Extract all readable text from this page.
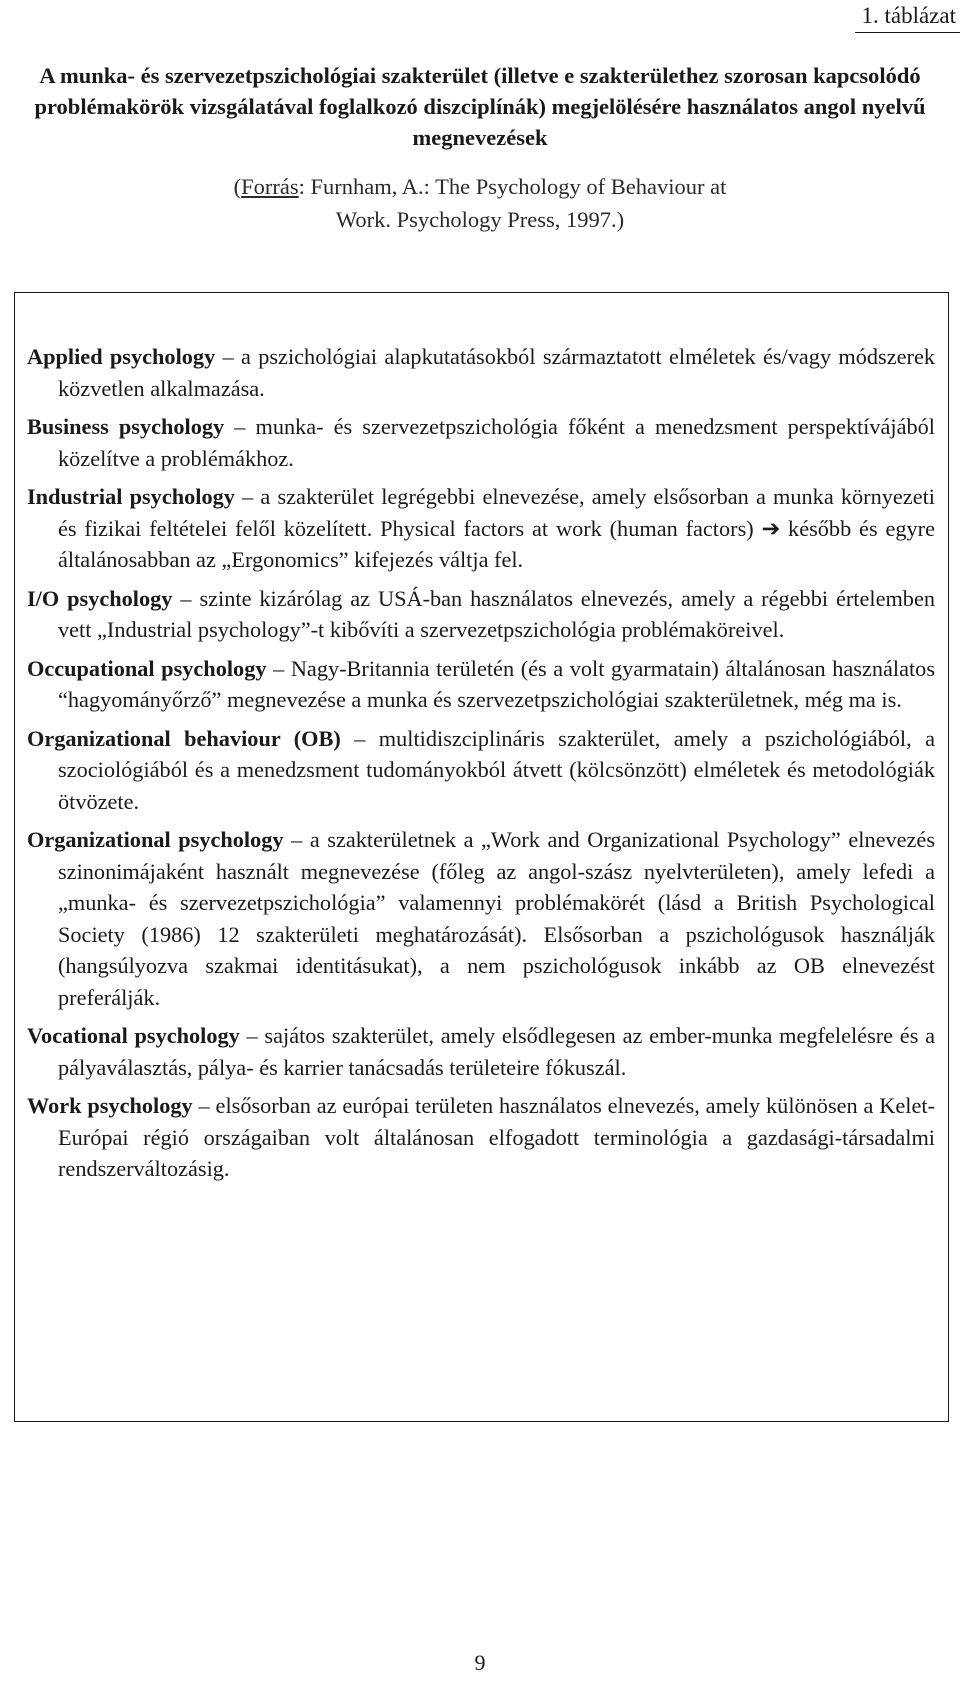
1. táblázat
A munka- és szervezetpszichológiai szakterület (illetve e szakterülethez szorosan kapcsolódó problémakörök vizsgálatával foglalkozó diszciplínák) megjelölésére használatos angol nyelvű megnevezések
(Forrás: Furnham, A.: The Psychology of Behaviour at Work. Psychology Press, 1997.)

Applied psychology – a pszichológiai alapkutatásokból származtatott elméletek és/vagy módszerek közvetlen alkalmazása.

Business psychology – munka- és szervezetpszichológia főként a menedzsment perspektívájából közelítve a problémákhoz.

Industrial psychology – a szakterület legrégebbi elnevezése, amely elsősorban a munka környezeti és fizikai feltételei felől közelített. Physical factors at work (human factors) ➔ később és egyre általánosabban az „Ergonomics” kifejezés váltja fel.

I/O psychology – szinte kizárólag az USÁ-ban használatos elnevezés, amely a régebbi értelemben vett „Industrial psychology”-t kibővíti a szervezetpszichológia problémaköreivel.

Occupational psychology – Nagy-Britannia területén (és a volt gyarmatain) általánosan használatos “hagyományőrző” megnevezése a munka és szervezetpszichológiai szakterületnek, még ma is.

Organizational behaviour (OB) – multidiszciplináris szakterület, amely a pszichológiából, a szociológiából és a menedzsment tudományokból átvett (kölcsönzött) elméletek és metodológiák ötvözete.

Organizational psychology – a szakterületnek a „Work and Organizational Psychology” elnevezés szinonimájaként használt megnevezése (főleg az angol-szász nyelvterületen), amely lefedi a „munka- és szervezetpszichológia” valamennyi problémakörét (lásd a British Psychological Society (1986) 12 szakterületi meghatározását). Elsősorban a pszichológusok használják (hangsúlyozva szakmai identitásukat), a nem pszichológusok inkább az OB elnevezést preferálják.

Vocational psychology – sajátos szakterület, amely elsődlegesen az ember-munka megfelelésre és a pályaválasztás, pálya- és karrier tanácsadás területeire fókuszál.

Work psychology – elsősorban az európai területen használatos elnevezés, amely különösen a Kelet-Európai régió országaiban volt általánosan elfogadott terminológia a gazdasági-társadalmi rendszerváltozásig.

9
